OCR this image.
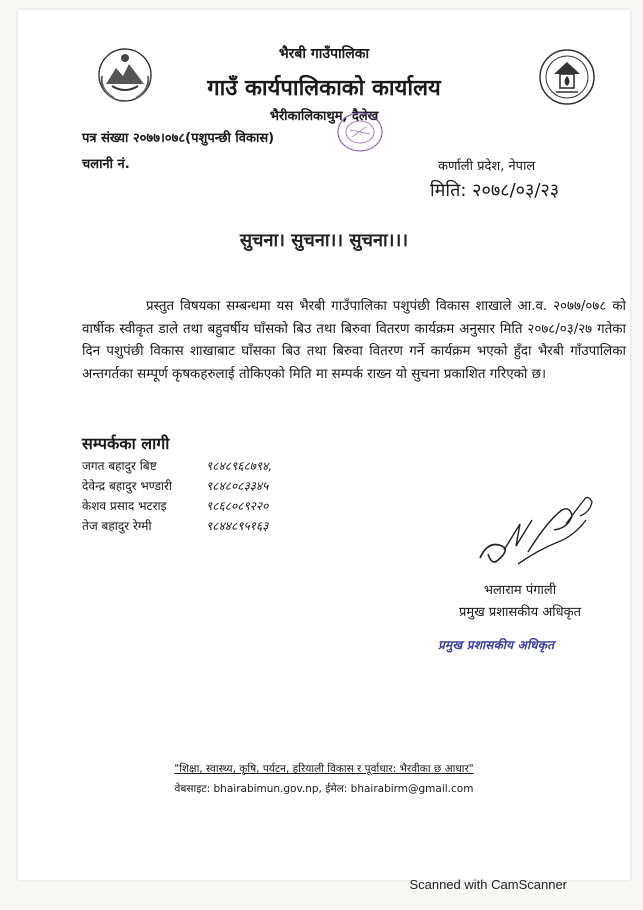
भैरबी गाउँपालिका
गाउँ कार्यपालिकाको कार्यालय
भैरीकालिकाथुम, दैलेख
पत्र संख्या २०७७।०७८(पशुपन्छी विकास)
चलानी नं.	कर्णाली प्रदेश, नेपाल
मिति: २०७८/०३/२३
सुचना। सुचना।। सुचना।।।
प्रस्तुत विषयका सम्बन्धमा यस भैरबी गाउँपालिका पशुपंछी विकास शाखाले आ.व. २०७७/०७८ को वार्षीक स्वीकृत डाले तथा बहुवर्षीय घाँसको बिउ तथा बिरुवा वितरण कार्यक्रम अनुसार मिति २०७८/०३/२७ गतेका दिन पशुपंछी विकास शाखाबाट घाँसका बिउ तथा बिरुवा वितरण गर्ने कार्यक्रम भएको हुँदा भैरबी गाँउपालिका अन्तगर्तका सम्पूर्ण कृषकहरुलाई तोकिएको मिति मा सम्पर्क राख्न यो सुचना प्रकाशित गरिएको छ।
सम्पर्कका लागी
जगत बहादुर बिष्ट	९८४८९६८७९४,
देवेन्द्र बहादुर भण्डारी	९८४८०८३३४५
केशव प्रसाद भटराइ	९८६८०८९२२०
तेज बहादुर रेग्मी	९८४४८९५१६३
भलाराम पंगाली
प्रमुख प्रशासकीय अधिकृत
प्रमुख प्रशासकीय अधिकृत
"शिक्षा, स्वास्थ्य, कृषि, पर्यटन, हरियाली विकास र पूर्वाधार: भैरवीका छ आधार"
वेबसाइट: bhairabimun.gov.np, ईमेल: bhairabirm@gmail.com
Scanned with CamScanner
